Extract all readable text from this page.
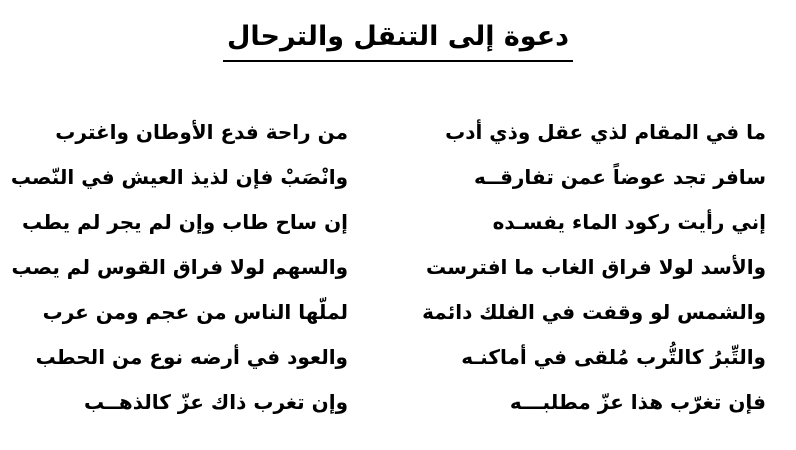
دعوة إلى التنقل والترحال
ما في المقام لذي عقل وذي أدب
من راحة فدع الأوطان واغترب
سافر تجد عوضاً عمن تفارقــه
وانْصَبْ فإن لذيذ العيش في النّصب
إني رأيت ركود الماء يفسـده
إن ساح طاب وإن لم يجر لم يطب
والأسد لولا فراق الغاب ما افترست
والسهم لولا فراق القوس لم يصب
والشمس لو وقفت في الفلك دائمة
لملّها الناس من عجم ومن عرب
والتِّبرُ كالتُّرب مُلقى في أماكنـه
والعود في أرضه نوع من الحطب
فإن تغرّب هذا عزّ مطلبـــه
وإن تغرب ذاك عزّ كالذهــب
